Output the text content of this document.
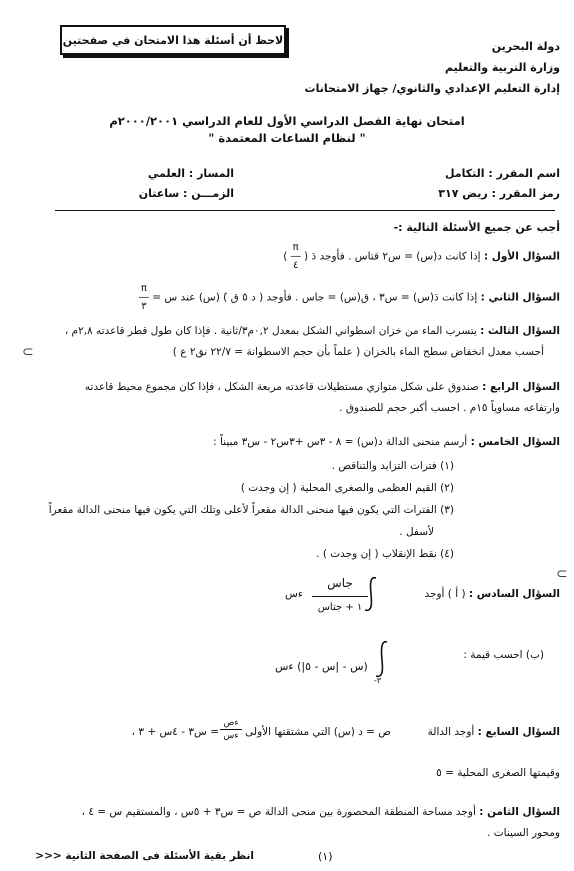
لاحظ أن أسئلة هذا الامتحان في صفحتين	دولة البحرين
وزارة التربية والتعليم
إدارة التعليم الإعدادي والثانوي/ جهاز الامتحانات
امتحان نهاية الفصل الدراسي الأول للعام الدراسي ٢٠٠٠/٢٠٠١م
" لنظام الساعات المعتمدة "
اسم المقرر : التكامل
رمز المقرر : ريض ٣١٧
المسار : العلمي
الزمـــن : ساعتان
أجب عن جميع الأسئلة التالية :-
السؤال الأول : إذا كانت د(س) = س٢ قتاس . فأوجد دَ ( π
―
٤ )
السؤال الثاني : إذا كانت دَ(س) = س٣ ، ق(س) = جاس . فأوجد ( د ٥ ق )َ (س) عند س = π
―
٣
السؤال الثالث : يتسرب الماء من خزان اسطواني الشكل بمعدل ٠,٢م٣/ثانية . فإذا كان طول قطر قاعدته ٢,٨م ،
أحسب معدل انخفاض سطح الماء بالخزان ( علماً بأن حجم الاسطوانة = ٢٢/٧ نق٢ ع )
⊃
السؤال الرابع : صندوق على شكل متوازي مستطيلات قاعدته مربعة الشكل ، فإذا كان مجموع محيط قاعدته
وارتفاعه مساوياً ١٥م . احسب أكبر حجم للصندوق .
السؤال الخامس : أرسم منحنى الدالة د(س) = ٨ - ٣س +٣س٢ - س٣ مبيناً :
(١) فترات التزايد والتناقص .
(٢) القيم العظمى والصغرى المحلية ( إن وجدت )
(٣) الفترات التي يكون فيها منحنى الدالة مقعراً لأعلى وتلك التي يكون فيها منحنى الدالة مقعراً
لأسفل .
(٤) نقط الإنقلاب ( إن وجدت ) .
السؤال السادس : ( أ ) أوجد
جاس
١ + جتاس
ءس
⊃
(ب) احسب قيمة :
٣-
(س - |س - ٥|) ءس
السؤال السابع : أوجد الدالة
ص = د (س) التي مشتقتها الأولى
ءص

ءس
= س٣ - ٤س + ٣ ،
وقيمتها الصغرى المحلية = ٥
السؤال الثامن : أوجد مساحة المنطقة المحصورة بين منحى الدالة ص = س٣ + ٥س ، والمستقيم س = ٤ ،
ومحور السينات .
انظر بقية الأسئلة فى الصفحة الثانية <<<	(١)
